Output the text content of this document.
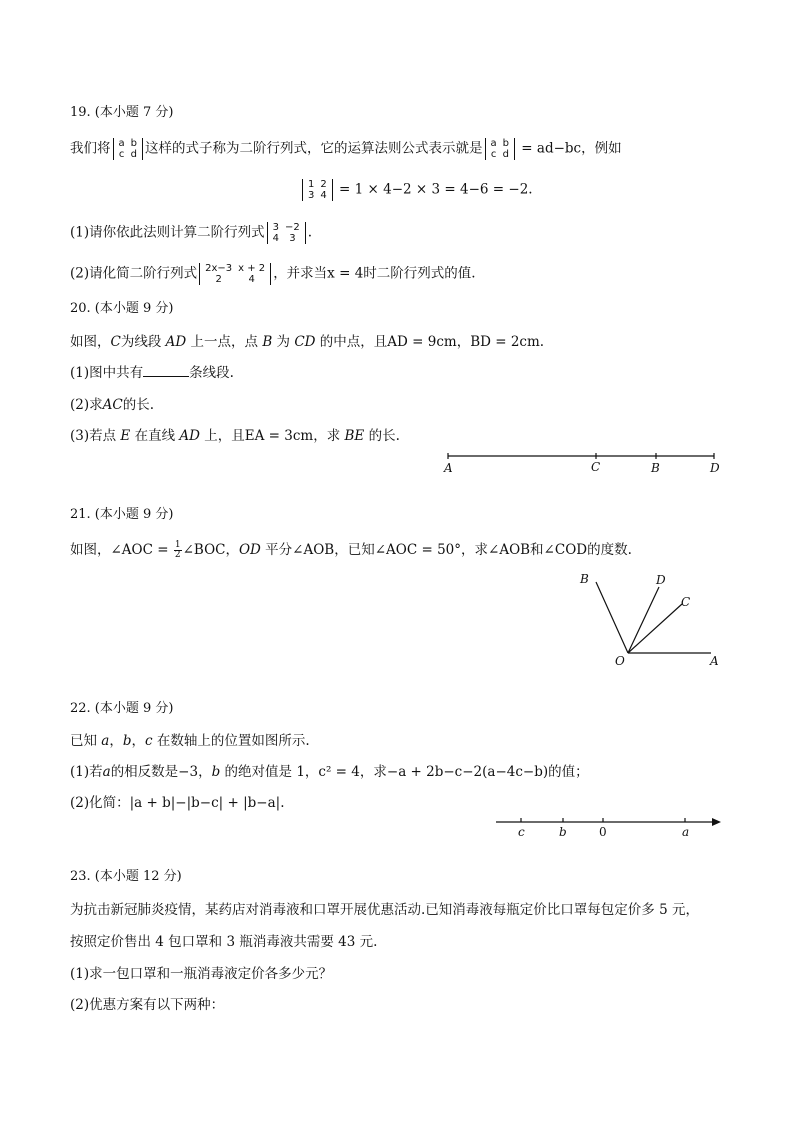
19. (本小题 7 分)
我们将 a	b
c	d 这样的式子称为二阶行列式，它的运算法则公式表示就是 a	b
c	d = ad−bc，例如
1	2
3	4 = 1 × 4−2 × 3 = 4−6 = −2.
(1)请你依此法则计算二阶行列式 3	−2
4	3 .
(2)请化简二阶行列式 2x−3	x + 2
2	4 ，并求当x = 4时二阶行列式的值.
20. (本小题 9 分)
如图，C为线段 AD 上一点，点 B 为 CD 的中点，且AD = 9cm，BD = 2cm.
(1)图中共有	条线段.
(2)求AC的长.
(3)若点 E 在直线 AD 上，且EA = 3cm，求 BE 的长.
A	C	B	D
21. (本小题 9 分)
如图，∠AOC = $\frac{1}{2}$ ∠BOC，OD 平分∠AOB，已知∠AOC = 50°，求∠AOB和∠COD的度数.
B	D
C
O	A
22. (本小题 9 分)
已知 a，b，c 在数轴上的位置如图所示.
(1)若a的相反数是−3，b 的绝对值是 1，c² = 4，求−a + 2b−c−2(a−4c−b)的值；
(2)化简：|a + b|−|b−c| + |b−a|.
c	b	0	a
23. (本小题 12 分)
为抗击新冠肺炎疫情，某药店对消毒液和口罩开展优惠活动.已知消毒液每瓶定价比口罩每包定价多 5 元，
按照定价售出 4 包口罩和 3 瓶消毒液共需要 43 元.
(1)求一包口罩和一瓶消毒液定价各多少元？
(2)优惠方案有以下两种：
